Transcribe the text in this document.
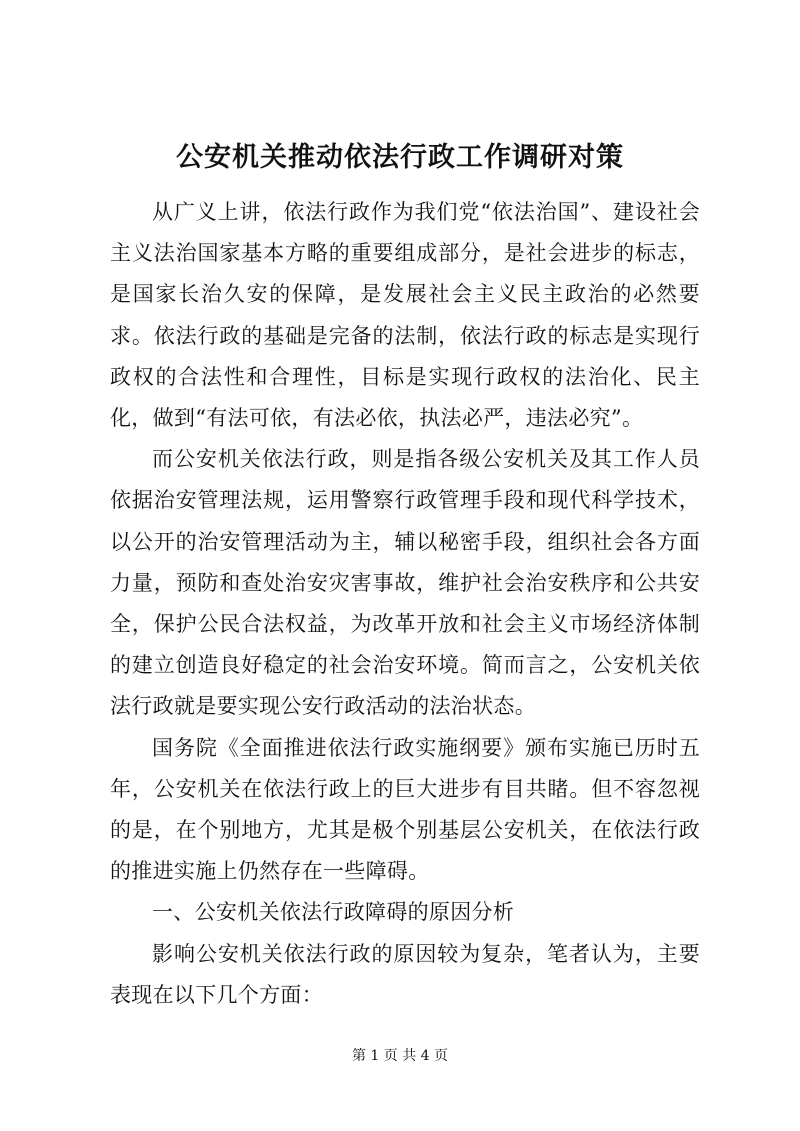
公安机关推动依法行政工作调研对策

从广义上讲，依法行政作为我们党“依法治国”、建设社会主义法治国家基本方略的重要组成部分，是社会进步的标志，是国家长治久安的保障，是发展社会主义民主政治的必然要求。依法行政的基础是完备的法制，依法行政的标志是实现行政权的合法性和合理性，目标是实现行政权的法治化、民主化，做到“有法可依，有法必依，执法必严，违法必究”。

而公安机关依法行政，则是指各级公安机关及其工作人员依据治安管理法规，运用警察行政管理手段和现代科学技术，以公开的治安管理活动为主，辅以秘密手段，组织社会各方面力量，预防和查处治安灾害事故，维护社会治安秩序和公共安全，保护公民合法权益，为改革开放和社会主义市场经济体制的建立创造良好稳定的社会治安环境。简而言之，公安机关依法行政就是要实现公安行政活动的法治状态。

国务院《全面推进依法行政实施纲要》颁布实施已历时五年，公安机关在依法行政上的巨大进步有目共睹。但不容忽视的是，在个别地方，尤其是极个别基层公安机关，在依法行政的推进实施上仍然存在一些障碍。

一、公安机关依法行政障碍的原因分析

影响公安机关依法行政的原因较为复杂，笔者认为，主要表现在以下几个方面：

第 1 页 共 4 页
